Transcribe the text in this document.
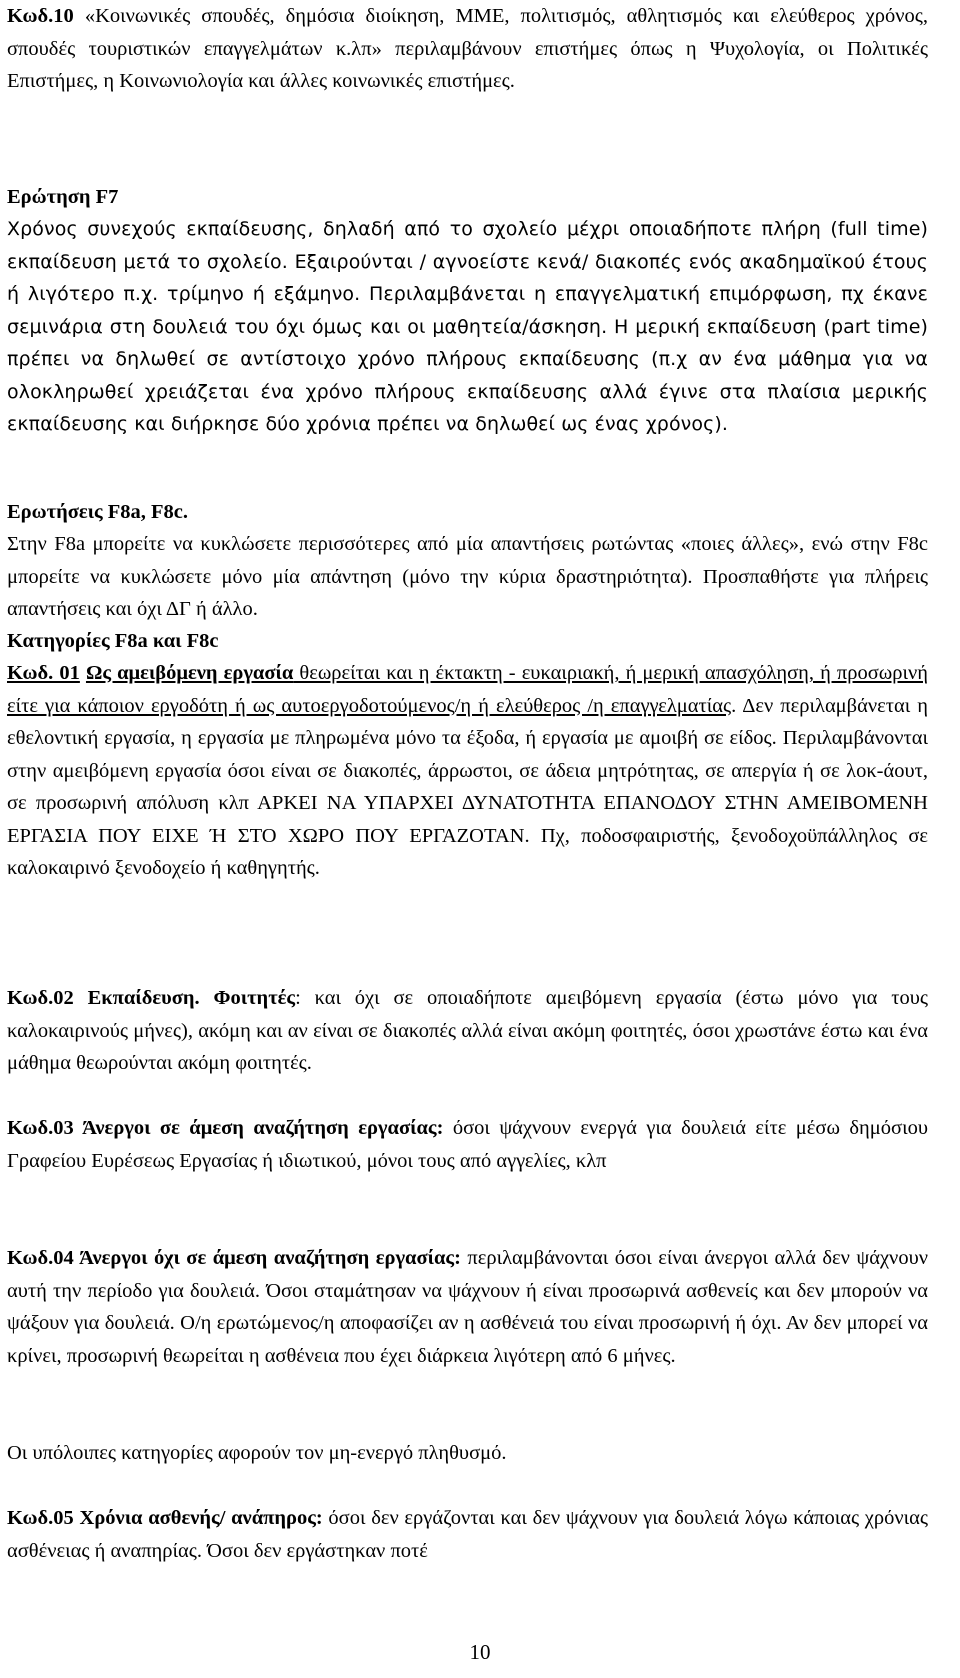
Κωδ.10 «Κοινωνικές σπουδές, δημόσια διοίκηση, ΜΜΕ, πολιτισμός, αθλητισμός και ελεύθερος χρόνος, σπουδές τουριστικών επαγγελμάτων κ.λπ» περιλαμβάνουν επιστήμες όπως η Ψυχολογία, οι Πολιτικές Επιστήμες, η Κοινωνιολογία και άλλες κοινωνικές επιστήμες.

Ερώτηση F7

Χρόνος συνεχούς εκπαίδευσης, δηλαδή από το σχολείο μέχρι οποιαδήποτε πλήρη (full time) εκπαίδευση μετά το σχολείο. Εξαιρούνται / αγνοείστε κενά/ διακοπές ενός ακαδημαϊκού έτους ή λιγότερο π.χ. τρίμηνο ή εξάμηνο. Περιλαμβάνεται η επαγγελματική επιμόρφωση, πχ έκανε σεμινάρια στη δουλειά του όχι όμως και οι μαθητεία/άσκηση. Η μερική εκπαίδευση (part time) πρέπει να δηλωθεί σε αντίστοιχο χρόνο πλήρους εκπαίδευσης (π.χ αν ένα μάθημα για να ολοκληρωθεί χρειάζεται ένα χρόνο πλήρους εκπαίδευσης αλλά έγινε στα πλαίσια μερικής εκπαίδευσης και διήρκησε δύο χρόνια πρέπει να δηλωθεί ως ένας χρόνος).

Ερωτήσεις F8a, F8c.

Στην F8a μπορείτε να κυκλώσετε περισσότερες από μία απαντήσεις ρωτώντας «ποιες άλλες», ενώ στην F8c μπορείτε να κυκλώσετε μόνο μία απάντηση (μόνο την κύρια δραστηριότητα). Προσπαθήστε για πλήρεις απαντήσεις και όχι ΔΓ ή άλλο.

Κατηγορίες F8a και F8c

Κωδ. 01 Ως αμειβόμενη εργασία θεωρείται και η έκτακτη - ευκαιριακή, ή μερική απασχόληση, ή προσωρινή είτε για κάποιον εργοδότη ή ως αυτοεργοδοτούμενος/η ή ελεύθερος /η επαγγελματίας. Δεν περιλαμβάνεται η εθελοντική εργασία, η εργασία με πληρωμένα μόνο τα έξοδα, ή εργασία με αμοιβή σε είδος. Περιλαμβάνονται στην αμειβόμενη εργασία όσοι είναι σε διακοπές, άρρωστοι, σε άδεια μητρότητας, σε απεργία ή σε λοκ-άουτ, σε προσωρινή απόλυση κλπ ΑΡΚΕΙ ΝΑ ΥΠΑΡΧΕΙ ΔΥΝΑΤΟΤΗΤΑ ΕΠΑΝΟΔΟΥ ΣΤΗΝ ΑΜΕΙΒΟΜΕΝΗ ΕΡΓΑΣΙΑ ΠΟΥ ΕΙΧΕ Ή ΣΤΟ ΧΩΡΟ ΠΟΥ ΕΡΓΑΖΟΤΑΝ. Πχ, ποδοσφαιριστής, ξενοδοχοϋπάλληλος σε καλοκαιρινό ξενοδοχείο ή καθηγητής.

Κωδ.02 Εκπαίδευση. Φοιτητές: και όχι σε οποιαδήποτε αμειβόμενη εργασία (έστω μόνο για τους καλοκαιρινούς μήνες), ακόμη και αν είναι σε διακοπές αλλά είναι ακόμη φοιτητές, όσοι χρωστάνε έστω και ένα μάθημα θεωρούνται ακόμη φοιτητές.

Κωδ.03 Άνεργοι σε άμεση αναζήτηση εργασίας: όσοι ψάχνουν ενεργά για δουλειά είτε μέσω δημόσιου Γραφείου Ευρέσεως Εργασίας ή ιδιωτικού, μόνοι τους από αγγελίες, κλπ

Κωδ.04 Άνεργοι όχι σε άμεση αναζήτηση εργασίας: περιλαμβάνονται όσοι είναι άνεργοι αλλά δεν ψάχνουν αυτή την περίοδο για δουλειά. Όσοι σταμάτησαν να ψάχνουν ή είναι προσωρινά ασθενείς και δεν μπορούν να ψάξουν για δουλειά. Ο/η ερωτώμενος/η αποφασίζει αν η ασθένειά του είναι προσωρινή ή όχι. Αν δεν μπορεί να κρίνει, προσωρινή θεωρείται η ασθένεια που έχει διάρκεια λιγότερη από 6 μήνες.

Οι υπόλοιπες κατηγορίες αφορούν τον μη-ενεργό πληθυσμό.

Κωδ.05 Χρόνια ασθενής/ ανάπηρος: όσοι δεν εργάζονται και δεν ψάχνουν για δουλειά λόγω κάποιας χρόνιας ασθένειας ή αναπηρίας. Όσοι δεν εργάστηκαν ποτέ

10
